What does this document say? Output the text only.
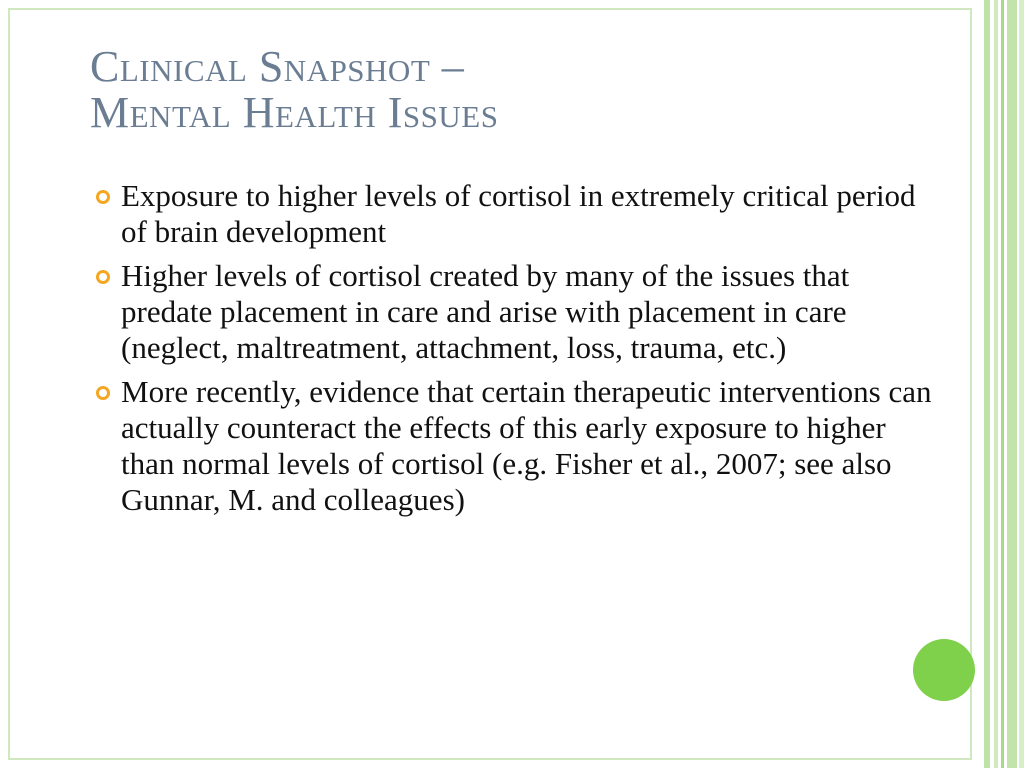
Clinical Snapshot –
Mental Health Issues
Exposure to higher levels of cortisol in extremely critical period of brain development
Higher levels of cortisol created by many of the issues that predate placement in care and arise with placement in care (neglect, maltreatment, attachment, loss, trauma, etc.)
More recently, evidence that certain therapeutic interventions can actually counteract the effects of this early exposure to higher than normal levels of cortisol (e.g. Fisher et al., 2007; see also Gunnar, M. and colleagues)
